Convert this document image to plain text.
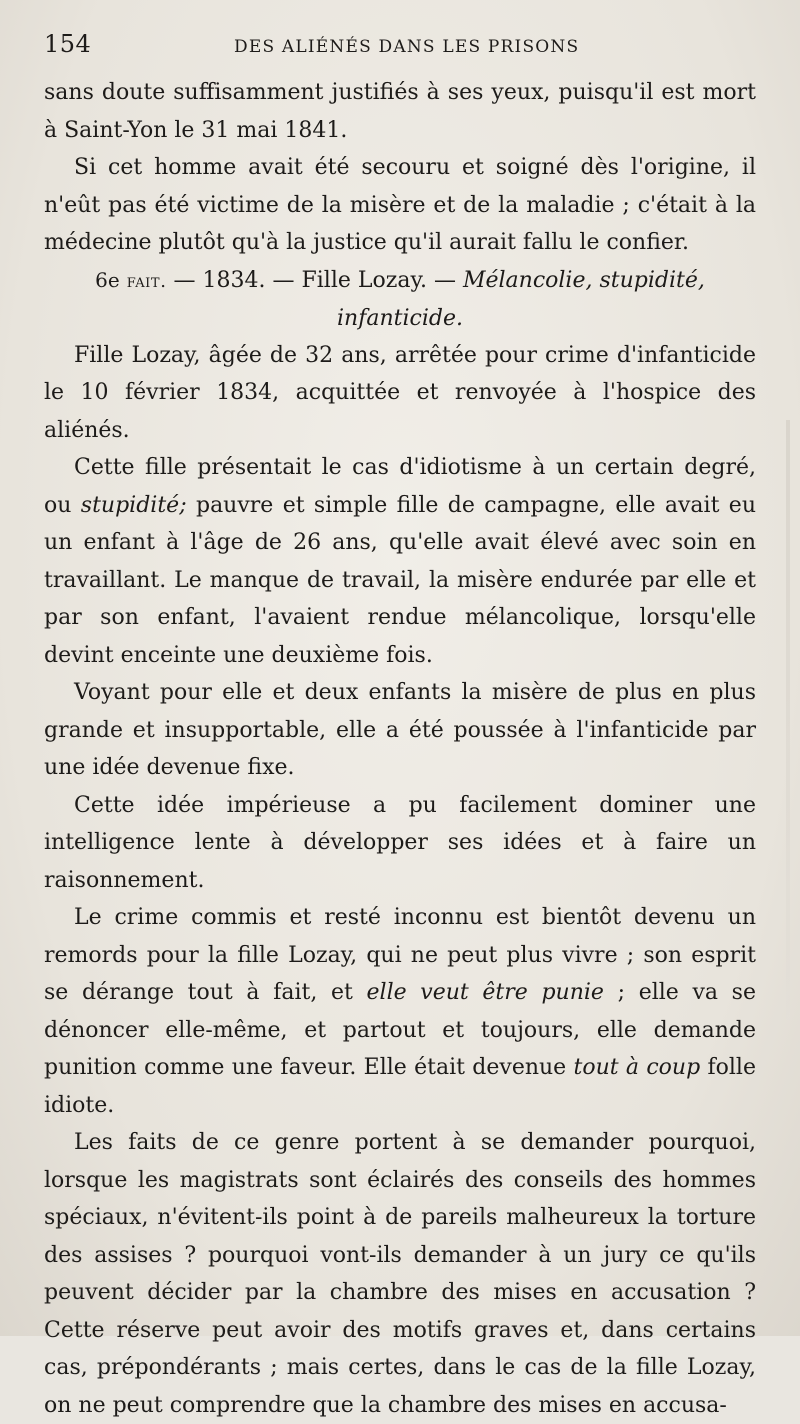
154	DES ALIÉNÉS DANS LES PRISONS

sans doute suffisamment justifiés à ses yeux, puisqu'il est mort à Saint-Yon le 31 mai 1841.

Si cet homme avait été secouru et soigné dès l'origine, il n'eût pas été victime de la misère et de la maladie ; c'était à la médecine plutôt qu'à la justice qu'il aurait fallu le confier.

6e fait. — 1834. — Fille Lozay. — Mélancolie, stupidité, infanticide.

Fille Lozay, âgée de 32 ans, arrêtée pour crime d'infanticide le 10 février 1834, acquittée et renvoyée à l'hospice des aliénés.

Cette fille présentait le cas d'idiotisme à un certain degré, ou stupidité; pauvre et simple fille de campagne, elle avait eu un enfant à l'âge de 26 ans, qu'elle avait élevé avec soin en travaillant. Le manque de travail, la misère endurée par elle et par son enfant, l'avaient rendue mélancolique, lorsqu'elle devint enceinte une deuxième fois.

Voyant pour elle et deux enfants la misère de plus en plus grande et insupportable, elle a été poussée à l'infanticide par une idée devenue fixe.

Cette idée impérieuse a pu facilement dominer une intelligence lente à développer ses idées et à faire un raisonnement.

Le crime commis et resté inconnu est bientôt devenu un remords pour la fille Lozay, qui ne peut plus vivre ; son esprit se dérange tout à fait, et elle veut être punie ; elle va se dénoncer elle-même, et partout et toujours, elle demande punition comme une faveur. Elle était devenue tout à coup folle idiote.

Les faits de ce genre portent à se demander pourquoi, lorsque les magistrats sont éclairés des conseils des hommes spéciaux, n'évitent-ils point à de pareils malheureux la torture des assises ? pourquoi vont-ils demander à un jury ce qu'ils peuvent décider par la chambre des mises en accusation ? Cette réserve peut avoir des motifs graves et, dans certains cas, prépondérants ; mais certes, dans le cas de la fille Lozay, on ne peut comprendre que la chambre des mises en accusa-
